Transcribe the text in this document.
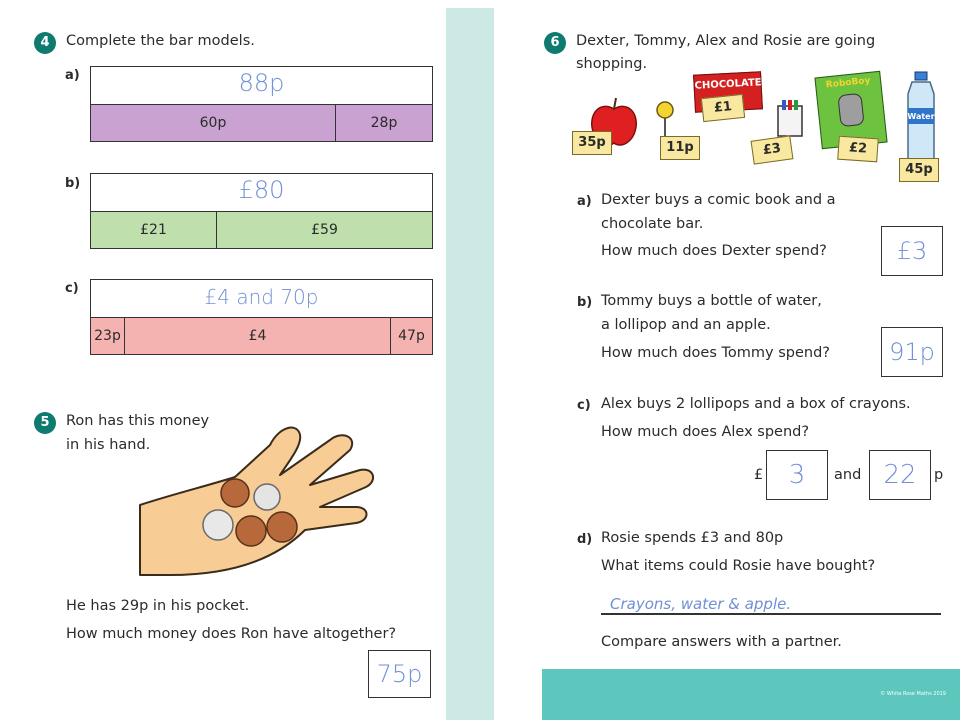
© White Rose Maths 2019
4	Complete the bar models.
a)	88p
60p	28p
b)	£80
£21	£59
c)	£4 and 70p
23p	£4	47p
5	Ron has this money
in his hand.
He has 29p in his pocket.
How much money does Ron have altogether?
75p
6	Dexter, Tommy, Alex and Rosie are going
shopping.
35p	11p
CHOCOLATE
£1
£3
RoboBoy
£2
Water
45p
a) Dexter buys a comic book and a
chocolate bar.
How much does Dexter spend?	£3
b) Tommy buys a bottle of water,
a lollipop and an apple.
How much does Tommy spend? 91p
c) Alex buys 2 lollipops and a box of crayons.
How much does Alex spend?
£ 3 and 22 p
d) Rosie spends £3 and 80p
What items could Rosie have bought?
Crayons, water & apple.
Compare answers with a partner.
